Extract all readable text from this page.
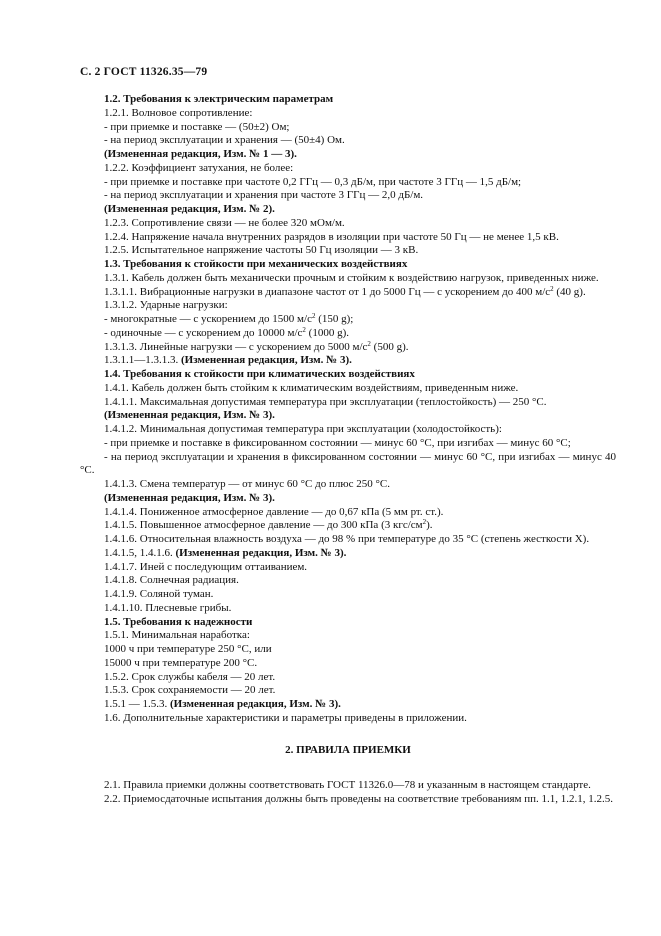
С. 2 ГОСТ 11326.35—79

1.2. Требования к электрическим параметрам

1.2.1. Волновое сопротивление:

- при приемке и поставке — (50±2) Ом;

- на период эксплуатации и хранения — (50±4) Ом.

(Измененная редакция, Изм. № 1 — 3).

1.2.2. Коэффициент затухания, не более:

- при приемке и поставке при частоте 0,2 ГГц — 0,3 дБ/м, при частоте 3 ГГц — 1,5 дБ/м;

- на период эксплуатации и хранения при частоте 3 ГГц — 2,0 дБ/м.

(Измененная редакция, Изм. № 2).

1.2.3. Сопротивление связи — не более 320 мОм/м.

1.2.4. Напряжение начала внутренних разрядов в изоляции при частоте 50 Гц — не менее 1,5 кВ.

1.2.5. Испытательное напряжение частоты 50 Гц изоляции — 3 кВ.

1.3. Требования к стойкости при механических воздействиях

1.3.1. Кабель должен быть механически прочным и стойким к воздействию нагрузок, приведенных ниже.

1.3.1.1. Вибрационные нагрузки в диапазоне частот от 1 до 5000 Гц — с ускорением до 400 $м/с^2$ (40 g).

1.3.1.2. Ударные нагрузки:

- многократные — с ускорением до 1500 $м/с^2$ (150 g);

- одиночные — с ускорением до 10000 $м/с^2$ (1000 g).

1.3.1.3. Линейные нагрузки — с ускорением до 5000 $м/с^2$ (500 g).

1.3.1.1—1.3.1.3. (Измененная редакция, Изм. № 3).

1.4. Требования к стойкости при климатических воздействиях

1.4.1. Кабель должен быть стойким к климатическим воздействиям, приведенным ниже.

1.4.1.1. Максимальная допустимая температура при эксплуатации (теплостойкость) — 250 °С.

(Измененная редакция, Изм. № 3).

1.4.1.2. Минимальная допустимая температура при эксплуатации (холодостойкость):

- при приемке и поставке в фиксированном состоянии — минус 60 °С, при изгибах — минус 60 °С;

- на период эксплуатации и хранения в фиксированном состоянии — минус 60 °С, при изгибах — минус 40 °С.

1.4.1.3. Смена температур — от минус 60 °С до плюс 250 °С.

(Измененная редакция, Изм. № 3).

1.4.1.4. Пониженное атмосферное давление — до 0,67 кПа (5 мм рт. ст.).

1.4.1.5. Повышенное атмосферное давление — до 300 кПа (3 кгс/$см^2$).

1.4.1.6. Относительная влажность воздуха — до 98 % при температуре до 35 °С (степень жесткости X).

1.4.1.5, 1.4.1.6. (Измененная редакция, Изм. № 3).

1.4.1.7. Иней с последующим оттаиванием.

1.4.1.8. Солнечная радиация.

1.4.1.9. Соляной туман.

1.4.1.10. Плесневые грибы.

1.5. Требования к надежности

1.5.1. Минимальная наработка:

1000 ч при температуре 250 °С, или

15000 ч при температуре 200 °С.

1.5.2. Срок службы кабеля — 20 лет.

1.5.3. Срок сохраняемости — 20 лет.

1.5.1 — 1.5.3. (Измененная редакция, Изм. № 3).

1.6. Дополнительные характеристики и параметры приведены в приложении.

2. ПРАВИЛА ПРИЕМКИ

2.1. Правила приемки должны соответствовать ГОСТ 11326.0—78 и указанным в настоящем стандарте.

2.2. Приемосдаточные испытания должны быть проведены на соответствие требованиям пп. 1.1, 1.2.1, 1.2.5.
